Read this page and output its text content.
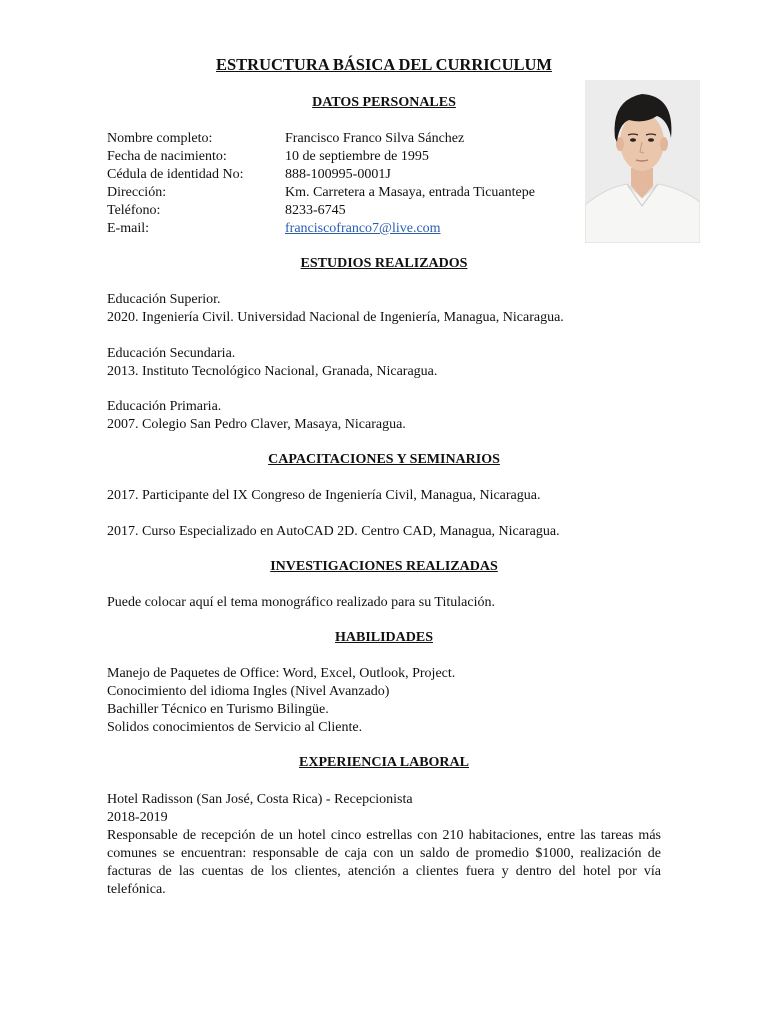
ESTRUCTURA BÁSICA DEL CURRICULUM
DATOS PERSONALES
Nombre completo:	Francisco Franco Silva Sánchez
Fecha de nacimiento:	10 de septiembre de 1995
Cédula de identidad No:	888-100995-0001J
Dirección:	Km. Carretera a Masaya, entrada Ticuantepe
Teléfono:	8233-6745
E-mail:	franciscofranco7@live.com
ESTUDIOS REALIZADOS
Educación Superior.
2020. Ingeniería Civil. Universidad Nacional de Ingeniería, Managua, Nicaragua.
Educación Secundaria.
2013. Instituto Tecnológico Nacional, Granada, Nicaragua.
Educación Primaria.
2007. Colegio San Pedro Claver, Masaya, Nicaragua.
CAPACITACIONES Y SEMINARIOS
2017. Participante del IX Congreso de Ingeniería Civil, Managua, Nicaragua.
2017. Curso Especializado en AutoCAD 2D. Centro CAD, Managua, Nicaragua.
INVESTIGACIONES REALIZADAS
Puede colocar aquí el tema monográfico realizado para su Titulación.
HABILIDADES
Manejo de Paquetes de Office: Word, Excel, Outlook, Project.
Conocimiento del idioma Ingles (Nivel Avanzado)
Bachiller Técnico en Turismo Bilingüe.
Solidos conocimientos de Servicio al Cliente.
EXPERIENCIA LABORAL
Hotel Radisson (San José, Costa Rica) - Recepcionista
2018-2019
Responsable de recepción de un hotel cinco estrellas con 210 habitaciones, entre las tareas más comunes se encuentran: responsable de caja con un saldo de promedio $1000, realización de facturas de las cuentas de los clientes, atención a clientes fuera y dentro del hotel por vía telefónica.
